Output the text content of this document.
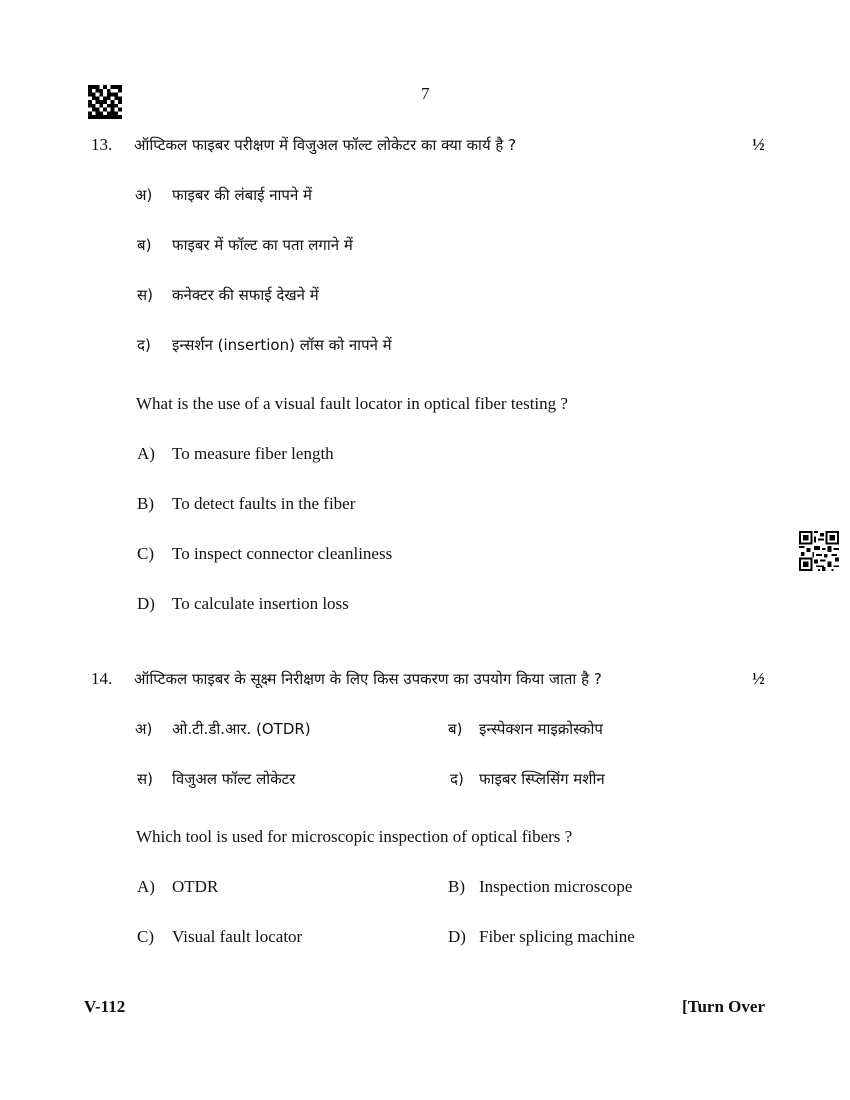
7
13. ऑप्टिकल फाइबर परीक्षण में विजुअल फॉल्ट लोकेटर का क्या कार्य है ?	½
अ) फाइबर की लंबाई नापने में
ब) फाइबर में फॉल्ट का पता लगाने में
स) कनेक्टर की सफाई देखने में
द) इन्सर्शन (insertion) लॉस को नापने में
What is the use of a visual fault locator in optical fiber testing ?
A) To measure fiber length
B) To detect faults in the fiber
C) To inspect connector cleanliness
D) To calculate insertion loss
14. ऑप्टिकल फाइबर के सूक्ष्म निरीक्षण के लिए किस उपकरण का उपयोग किया जाता है ?	½
अ) ओ.टी.डी.आर. (OTDR)	ब) इन्स्पेक्शन माइक्रोस्कोप
स) विजुअल फॉल्ट लोकेटर	द) फाइबर स्प्लिसिंग मशीन
Which tool is used for microscopic inspection of optical fibers ?
A) OTDR	B) Inspection microscope
C) Visual fault locator	D) Fiber splicing machine
V-112	[Turn Over
